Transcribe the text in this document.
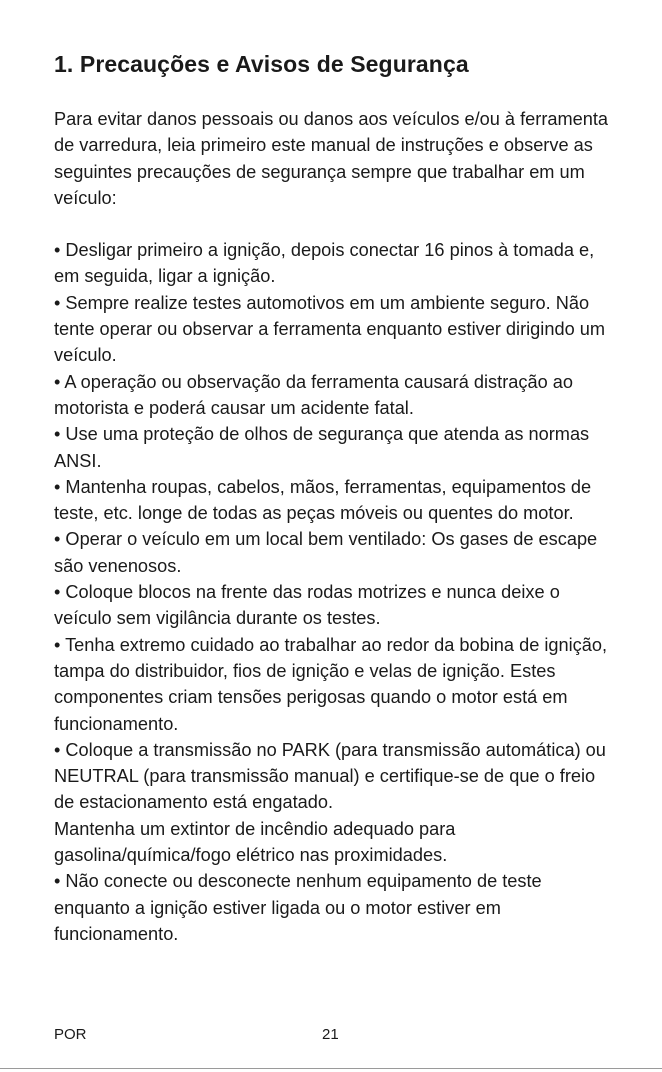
1. Precauções e Avisos de Segurança

Para evitar danos pessoais ou danos aos veículos e/ou à ferramenta de varredura, leia primeiro este manual de instruções e observe as seguintes precauções de segurança sempre que trabalhar em um veículo:

• Desligar primeiro a ignição, depois conectar 16 pinos à tomada e, em seguida, ligar a ignição.
• Sempre realize testes automotivos em um ambiente seguro. Não tente operar ou observar a ferramenta enquanto estiver dirigindo um veículo.
• A operação ou observação da ferramenta causará distração ao motorista e poderá causar um acidente fatal.
• Use uma proteção de olhos de segurança que atenda as normas ANSI.
• Mantenha roupas, cabelos, mãos, ferramentas, equipamentos de teste, etc. longe de todas as peças móveis ou quentes do motor.
• Operar o veículo em um local bem ventilado: Os gases de escape são venenosos.
• Coloque blocos na frente das rodas motrizes e nunca deixe o veículo sem vigilância durante os testes.
• Tenha extremo cuidado ao trabalhar ao redor da bobina de ignição, tampa do distribuidor, fios de ignição e velas de ignição. Estes componentes criam tensões perigosas quando o motor está em funcionamento.
• Coloque a transmissão no PARK (para transmissão automática) ou NEUTRAL (para transmissão manual) e certifique-se de que o freio de estacionamento está engatado.
Mantenha um extintor de incêndio adequado para gasolina/química/fogo elétrico nas proximidades.
• Não conecte ou desconecte nenhum equipamento de teste enquanto a ignição estiver ligada ou o motor estiver em funcionamento.
POR	21
